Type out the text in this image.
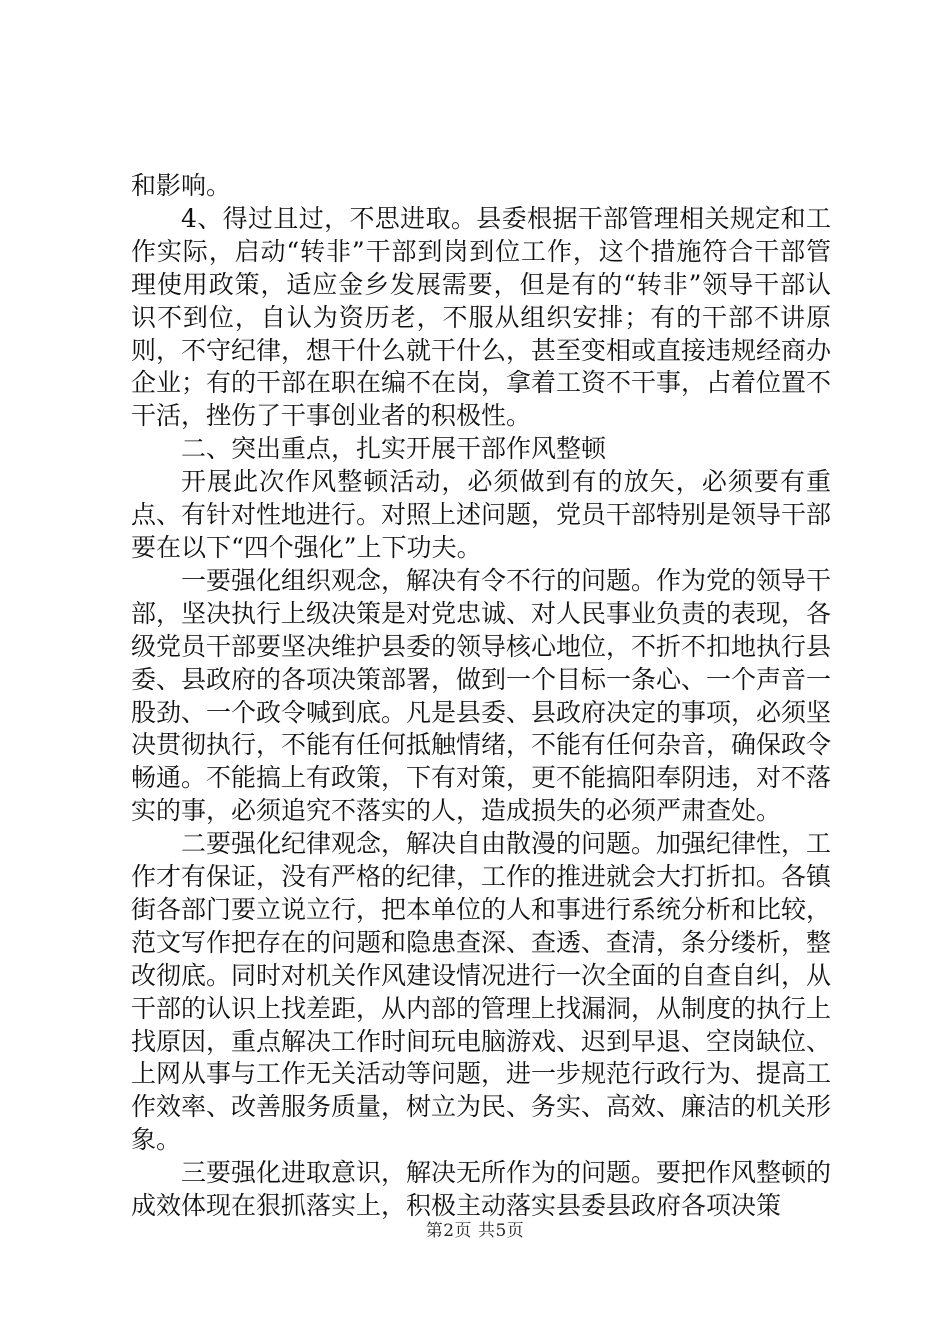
和影响。

4、得过且过，不思进取。县委根据干部管理相关规定和工作实际，启动“转非”干部到岗到位工作，这个措施符合干部管理使用政策，适应金乡发展需要，但是有的“转非”领导干部认识不到位，自认为资历老，不服从组织安排；有的干部不讲原则，不守纪律，想干什么就干什么，甚至变相或直接违规经商办企业；有的干部在职在编不在岗，拿着工资不干事，占着位置不干活，挫伤了干事创业者的积极性。

二、突出重点，扎实开展干部作风整顿

开展此次作风整顿活动，必须做到有的放矢，必须要有重点、有针对性地进行。对照上述问题，党员干部特别是领导干部要在以下“四个强化”上下功夫。

一要强化组织观念，解决有令不行的问题。作为党的领导干部，坚决执行上级决策是对党忠诚、对人民事业负责的表现，各级党员干部要坚决维护县委的领导核心地位，不折不扣地执行县委、县政府的各项决策部署，做到一个目标一条心、一个声音一股劲、一个政令喊到底。凡是县委、县政府决定的事项，必须坚决贯彻执行，不能有任何抵触情绪，不能有任何杂音，确保政令畅通。不能搞上有政策，下有对策，更不能搞阳奉阴违，对不落实的事，必须追究不落实的人，造成损失的必须严肃查处。

二要强化纪律观念，解决自由散漫的问题。加强纪律性，工作才有保证，没有严格的纪律，工作的推进就会大打折扣。各镇街各部门要立说立行，把本单位的人和事进行系统分析和比较，范文写作把存在的问题和隐患查深、查透、查清，条分缕析，整改彻底。同时对机关作风建设情况进行一次全面的自查自纠，从干部的认识上找差距，从内部的管理上找漏洞，从制度的执行上找原因，重点解决工作时间玩电脑游戏、迟到早退、空岗缺位、上网从事与工作无关活动等问题，进一步规范行政行为、提高工作效率、改善服务质量，树立为民、务实、高效、廉洁的机关形象。

三要强化进取意识，解决无所作为的问题。要把作风整顿的成效体现在狠抓落实上，积极主动落实县委县政府各项决策

第2页 共5页
